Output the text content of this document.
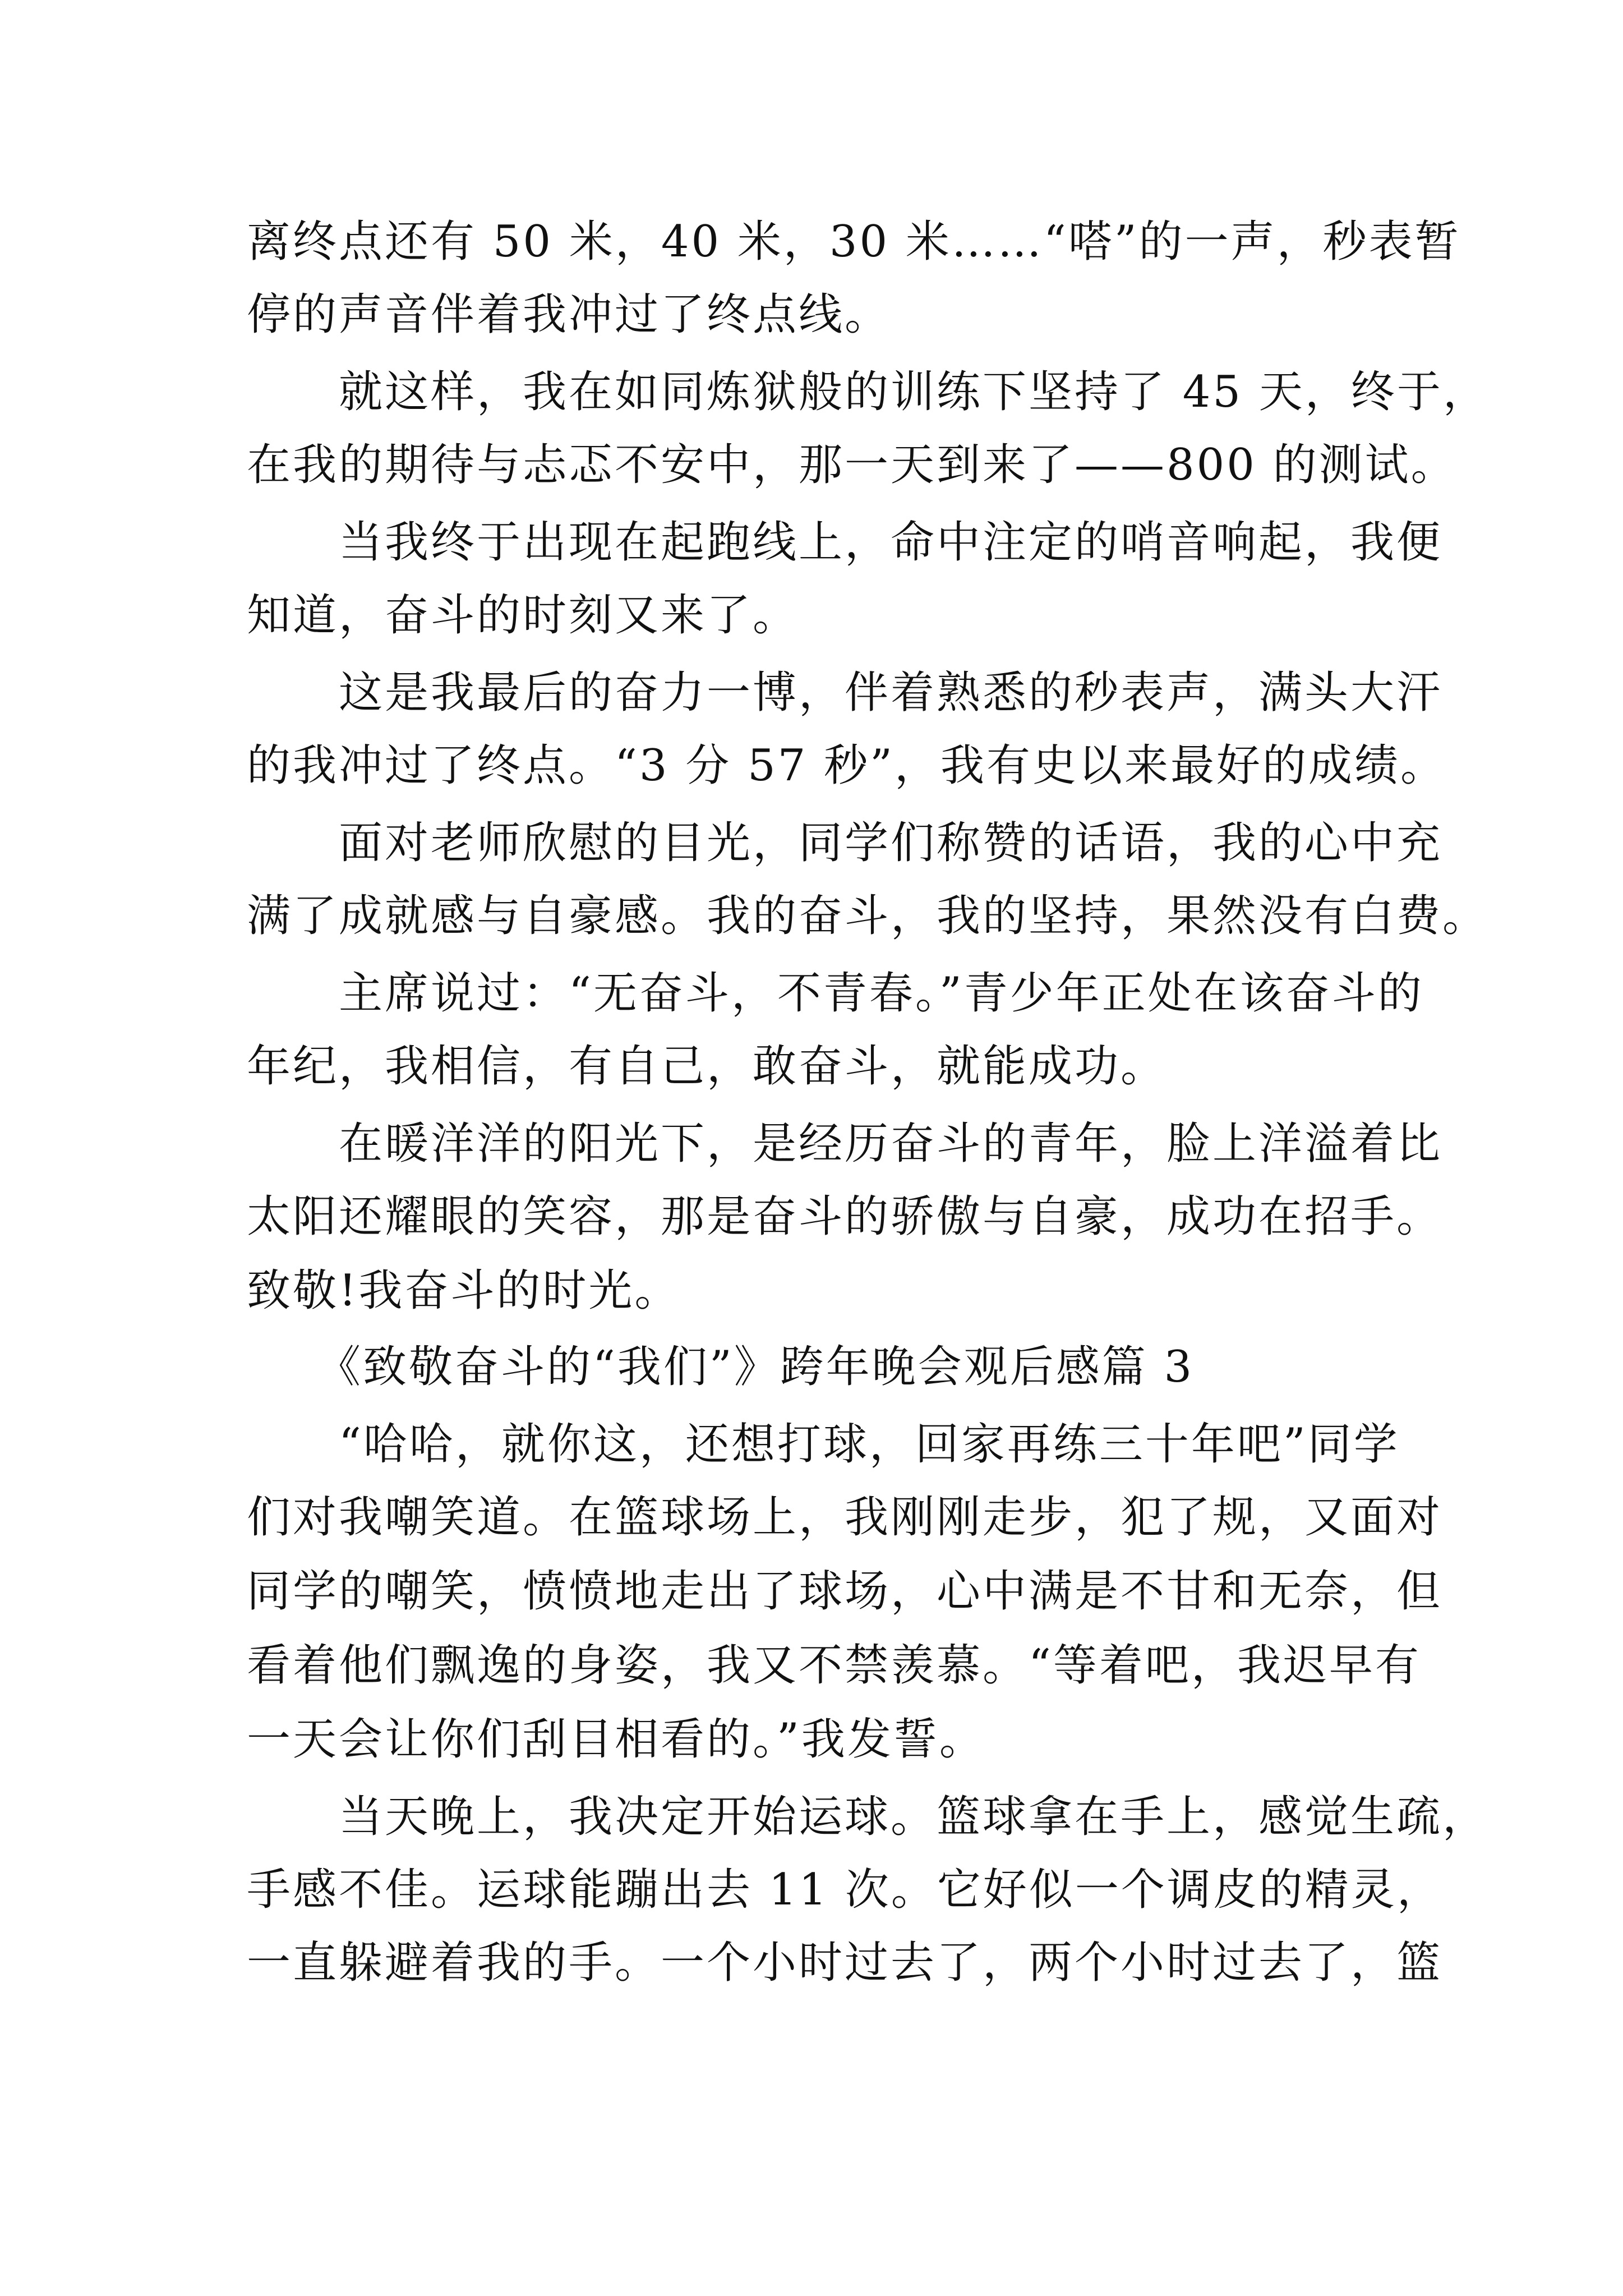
离终点还有 50 米，40 米，30 米……“嗒”的一声，秒表暂
停的声音伴着我冲过了终点线。
　　就这样，我在如同炼狱般的训练下坚持了 45 天，终于，
在我的期待与忐忑不安中，那一天到来了——800 的测试。
　　当我终于出现在起跑线上，命中注定的哨音响起，我便
知道，奋斗的时刻又来了。
　　这是我最后的奋力一博，伴着熟悉的秒表声，满头大汗
的我冲过了终点。“3 分 57 秒”，我有史以来最好的成绩。
　　面对老师欣慰的目光，同学们称赞的话语，我的心中充
满了成就感与自豪感。我的奋斗，我的坚持，果然没有白费。
　　主席说过：“无奋斗，不青春。”青少年正处在该奋斗的
年纪，我相信，有自己，敢奋斗，就能成功。
　　在暖洋洋的阳光下，是经历奋斗的青年，脸上洋溢着比
太阳还耀眼的笑容，那是奋斗的骄傲与自豪，成功在招手。
致敬!我奋斗的时光。
　　《致敬奋斗的“我们”》跨年晚会观后感篇 3
　　“哈哈，就你这，还想打球，回家再练三十年吧”同学
们对我嘲笑道。在篮球场上，我刚刚走步，犯了规，又面对
同学的嘲笑，愤愤地走出了球场，心中满是不甘和无奈，但
看着他们飘逸的身姿，我又不禁羡慕。“等着吧，我迟早有
一天会让你们刮目相看的。”我发誓。
　　当天晚上，我决定开始运球。篮球拿在手上，感觉生疏，
手感不佳。运球能蹦出去 11 次。它好似一个调皮的精灵，
一直躲避着我的手。一个小时过去了，两个小时过去了，篮
